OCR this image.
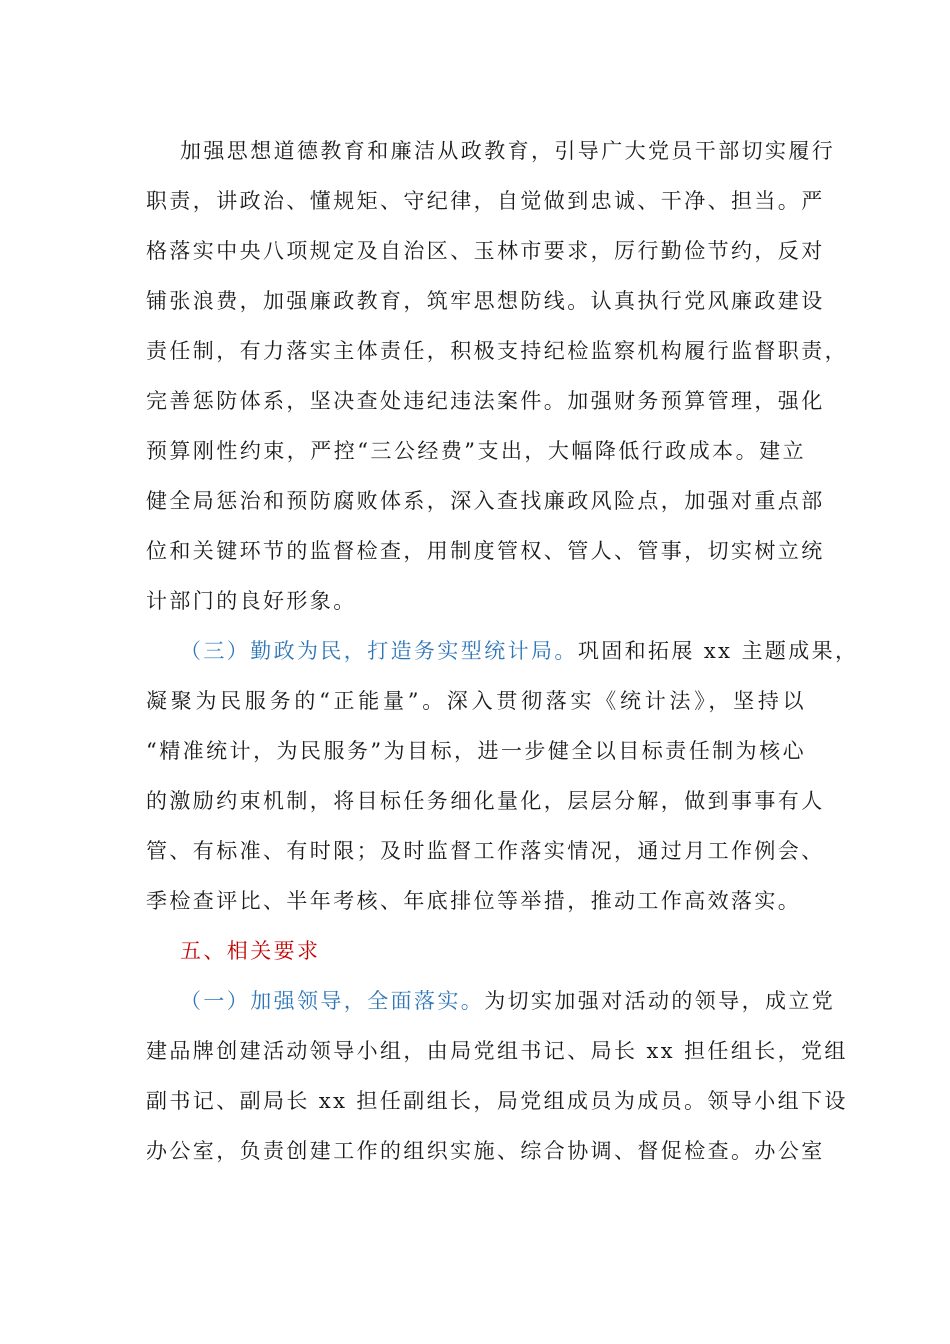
加强思想道德教育和廉洁从政教育，引导广大党员干部切实履行
职责，讲政治、懂规矩、守纪律，自觉做到忠诚、干净、担当。严
格落实中央八项规定及自治区、玉林市要求，厉行勤俭节约，反对
铺张浪费，加强廉政教育，筑牢思想防线。认真执行党风廉政建设
责任制，有力落实主体责任，积极支持纪检监察机构履行监督职责，
完善惩防体系，坚决查处违纪违法案件。加强财务预算管理，强化
预算刚性约束，严控“三公经费”支出，大幅降低行政成本。建立
健全局惩治和预防腐败体系，深入查找廉政风险点，加强对重点部
位和关键环节的监督检查，用制度管权、管人、管事，切实树立统
计部门的良好形象。

（三）勤政为民，打造务实型统计局。巩固和拓展 xx 主题成果，
凝聚为民服务的“正能量”。深入贯彻落实《统计法》，坚持以
“精准统计，为民服务”为目标，进一步健全以目标责任制为核心
的激励约束机制，将目标任务细化量化，层层分解，做到事事有人
管、有标准、有时限；及时监督工作落实情况，通过月工作例会、
季检查评比、半年考核、年底排位等举措，推动工作高效落实。

五、相关要求

（一）加强领导，全面落实。为切实加强对活动的领导，成立党
建品牌创建活动领导小组，由局党组书记、局长 xx 担任组长，党组
副书记、副局长 xx 担任副组长，局党组成员为成员。领导小组下设
办公室，负责创建工作的组织实施、综合协调、督促检查。办公室
